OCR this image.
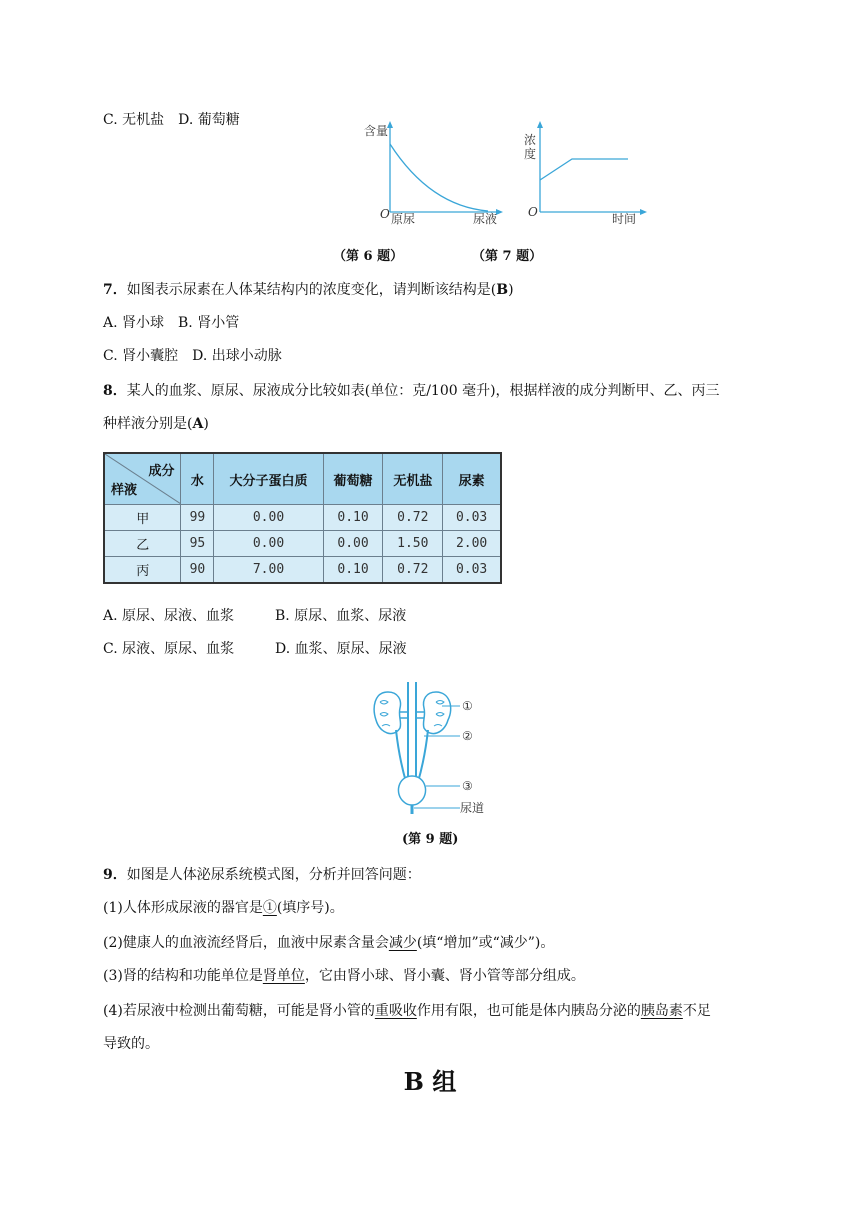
C. 无机盐　D. 葡萄糖
含量
O 原尿	尿液
浓
度
O	时间
（第 6 题）	（第 7 题）
7．如图表示尿素在人体某结构内的浓度变化，请判断该结构是(B)
A. 肾小球　B. 肾小管
C. 肾小囊腔　D. 出球小动脉
8．某人的血浆、原尿、尿液成分比较如表(单位：克/100 毫升)，根据样液的成分判断甲、乙、丙三
种样液分别是(A)
成分
样液	水	大分子蛋白质	葡萄糖	无机盐	尿素
甲	99	0.00	0.10	0.72	0.03
乙	95	0.00	0.00	1.50	2.00
丙	90	7.00	0.10	0.72	0.03
A. 原尿、尿液、血浆	B. 原尿、血浆、尿液
C. 尿液、原尿、血浆	D. 血浆、原尿、尿液
①
②
③
尿道
(第 9 题)
9．如图是人体泌尿系统模式图，分析并回答问题：
(1)人体形成尿液的器官是①(填序号)。
(2)健康人的血液流经肾后，血液中尿素含量会减少(填“增加”或“减少”)。
(3)肾的结构和功能单位是肾单位，它由肾小球、肾小囊、肾小管等部分组成。
(4)若尿液中检测出葡萄糖，可能是肾小管的重吸收作用有限，也可能是体内胰岛分泌的胰岛素不足
导致的。
B 组
